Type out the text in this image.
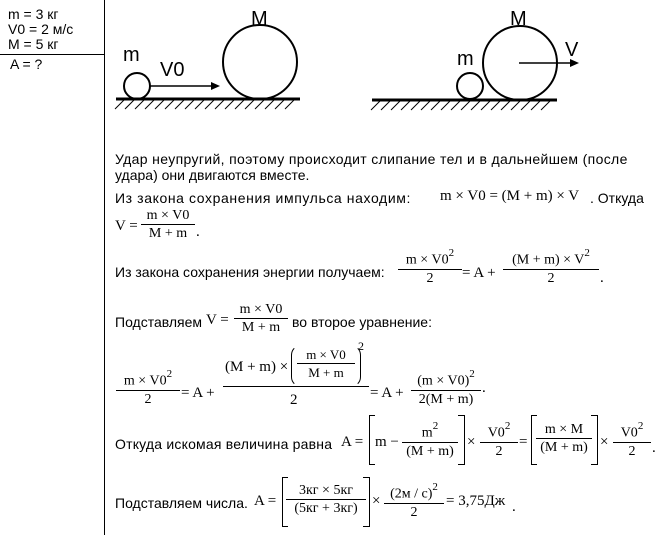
m = 3 кг
V0 = 2 м/с
M = 5 кг
A = ?	m
M
V0	m
M
V
Удар неупругий, поэтому происходит слипание тел и в дальнейшем (после
удара) они двигаются вместе.
Из закона сохранения импульса находим: m × V0 = (M + m) × V . Откуда
$V = \frac{m \times V0}{M + m}$ .
Из закона сохранения энергии получаем: $\frac{m \times V0^2}{2} = A + \frac{(M + m) \times V^2}{2}$ .
Подставляем $V = \frac{m \times V0}{M + m}$ во второе уравнение:
$\frac{m \times V0^2}{2} = A$ +
$(M + m) \times \frac{m \times V0}{M + m}$
2
2	= $A + \frac{(m \times V0)^2}{2(M + m)}$ .
Откуда искомая величина равна $A = m - \frac{m^2}{(M + m)} \times \frac{V0^2}{2} = \frac{m \times M}{(M + m)} \times \frac{V0^2}{2}$ .
Подставляем числа. A =
3кг × 5кг
(5кг + 3кг) × (2м / с)$^2$
2
= 3,75Дж .
